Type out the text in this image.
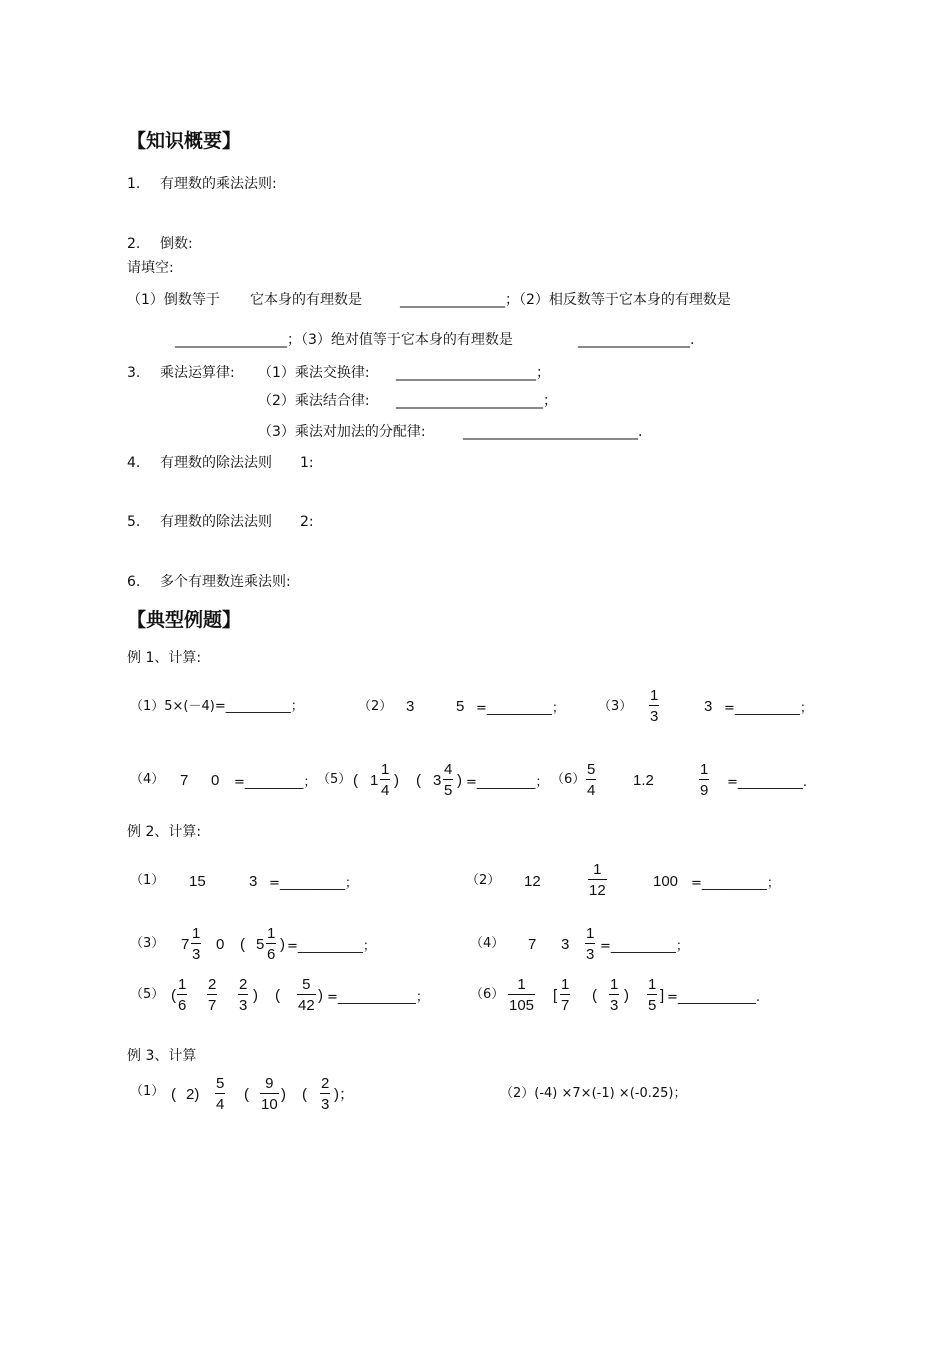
【知识概要】
1. 有理数的乘法法则:
2. 倒数:
请填空:
（1）倒数等于 它本身的有理数是	_______________；（2）相反数等于它本身的有理数是
________________；（3）绝对值等于它本身的有理数是	________________.
3. 乘法运算律: （1）乘法交换律: ____________________；
（2）乘法结合律: _____________________；
（3）乘法对加法的分配律:	_________________________.
4. 有理数的除法法则 1:
5. 有理数的除法法则 2:
6. 多个有理数连乘法则:
【典型例题】
例 1、计算:
（1）5×(－4)=__________；	（2） 3	5 =__________；	（3）
1
3
3 =__________；
（4） 7 0 =_________； （5） ( 1
1
4
) ( 3
4
5
) =_________； （6）
5
4
1.2
1
9 =__________.
例 2、计算:
（1） 15	3 =__________；	（2） 12
1
12
100 =__________；
（3） 7
1
3
0 ( 5
1
6
) =__________；	（4） 7 3
1
3 =__________；
（5） (
1
6
2
7
2
3
) (
5
42
) =____________；	（6）
1
105
[
1
7
(
1
3
)
1
5
] =____________.
例 3、计算
（1） ( 2)
5
4
(
9
10
) (
2
3
)；	（2）(-4) ×7×(-1) ×(-0.25)；
